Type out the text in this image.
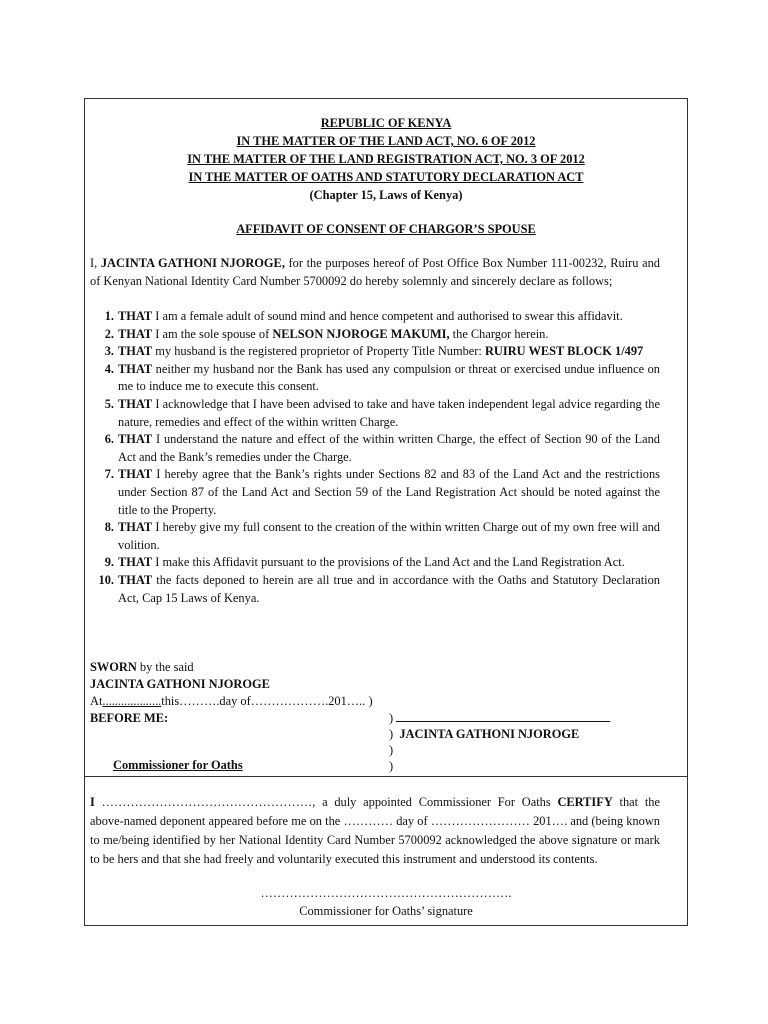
REPUBLIC OF KENYA
IN THE MATTER OF THE LAND ACT, NO. 6 OF 2012
IN THE MATTER OF THE LAND REGISTRATION ACT, NO. 3 OF 2012
IN THE MATTER OF OATHS AND STATUTORY DECLARATION ACT
(Chapter 15, Laws of Kenya)
AFFIDAVIT OF CONSENT OF CHARGOR’S SPOUSE
I, JACINTA GATHONI NJOROGE, for the purposes hereof of Post Office Box Number 111-00232, Ruiru and of Kenyan National Identity Card Number 5700092 do hereby solemnly and sincerely declare as follows;
1. THAT I am a female adult of sound mind and hence competent and authorised to swear this affidavit.
2. THAT I am the sole spouse of NELSON NJOROGE MAKUMI, the Chargor herein.
3. THAT my husband is the registered proprietor of Property Title Number: RUIRU WEST BLOCK 1/497
4. THAT neither my husband nor the Bank has used any compulsion or threat or exercised undue influence on me to induce me to execute this consent.
5. THAT I acknowledge that I have been advised to take and have taken independent legal advice regarding the nature, remedies and effect of the within written Charge.
6. THAT I understand the nature and effect of the within written Charge, the effect of Section 90 of the Land Act and the Bank’s remedies under the Charge.
7. THAT I hereby agree that the Bank’s rights under Sections 82 and 83 of the Land Act and the restrictions under Section 87 of the Land Act and Section 59 of the Land Registration Act should be noted against the title to the Property.
8. THAT I hereby give my full consent to the creation of the within written Charge out of my own free will and volition.
9. THAT I make this Affidavit pursuant to the provisions of the Land Act and the Land Registration Act.
10. THAT the facts deponed to herein are all true and in accordance with the Oaths and Statutory Declaration Act, Cap 15 Laws of Kenya.
SWORN by the said
JACINTA GATHONI NJOROGE
At...................this……….day of……………….201….. )
BEFORE ME:	)
) JACINTA GATHONI NJOROGE
)
Commissioner for Oaths	)
I ……………………………………………, a duly appointed Commissioner For Oaths CERTIFY that the above-named deponent appeared before me on the ………… day of …………………… 201…. and (being known to me/being identified by her National Identity Card Number 5700092 acknowledged the above signature or mark to be hers and that she had freely and voluntarily executed this instrument and understood its contents.
…………………………………………………….
Commissioner for Oaths’ signature
